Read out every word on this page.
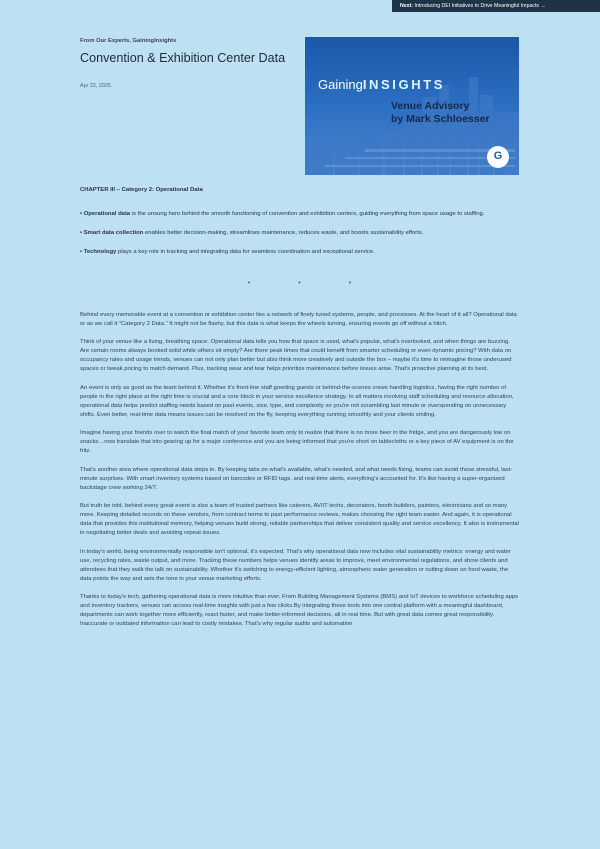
Next: Introducing DEI Initiatives to Drive Meaningful Impacts →
From Our Experts, GainingInsights
Convention & Exhibition Center Data
Apr 22, 2025	GainingINSIGHTS
Venue Advisory
by Mark Schloesser
G
CHAPTER III – Category 2: Operational Data

• Operational data is the unsung hero behind the smooth functioning of convention and exhibition centers, guiding everything from space usage to staffing.

• Smart data collection enables better decision-making, streamlines maintenance, reduces waste, and boosts sustainability efforts.

• Technology plays a key role in tracking and integrating data for seamless coordination and exceptional service.

• • •

Behind every memorable event at a convention or exhibition center lies a network of finely tuned systems, people, and processes. At the heart of it all? Operational data or as we call it "Category 2 Data." It might not be flashy, but this data is what keeps the wheels turning, ensuring events go off without a hitch.

Think of your venue like a living, breathing space. Operational data tells you how that space is used, what's popular, what's overlooked, and when things are buzzing. Are certain rooms always booked solid while others sit empty? Are there peak times that could benefit from smarter scheduling or even dynamic pricing? With data on occupancy rates and usage trends, venues can not only plan better but also think more creatively and outside the box – maybe it's time to reimagine those underused spaces or tweak pricing to match demand. Plus, tracking wear and tear helps prioritize maintenance before issues arise. That's proactive planning at its best.

An event is only as good as the team behind it. Whether it's front-line staff greeting guests or behind-the-scenes crews handling logistics, having the right number of people in the right place at the right time is crucial and a core block in your service excellence strategy. In all matters involving staff scheduling and resource allocation, operational data helps predict staffing needs based on past events, size, type, and complexity so you're not scrambling last minute or overspending on unnecessary shifts. Even better, real-time data means issues can be resolved on the fly, keeping everything running smoothly and your clients smiling.

Imagine having your friends over to watch the final match of your favorite team only to realize that there is no more beer in the fridge, and you are dangerously low on snacks…now translate that into gearing up for a major conference and you are being informed that you're short on tablecloths or a key piece of AV equipment is on the fritz.

That's another area where operational data steps in. By keeping tabs on what's available, what's needed, and what needs fixing, teams can avoid those stressful, last-minute surprises. With smart inventory systems based on barcodes or RFID tags, and real-time alerts, everything's accounted for. It's like having a super-organized backstage crew working 24/7.

But truth be told, behind every great event is also a team of trusted partners like caterers, AV/IT techs, decorators, booth builders, painters, electricians and so many more. Keeping detailed records on these vendors, from contract terms to past performance reviews, makes choosing the right team easier. And again, it is operational data that provides this institutional memory, helping venues build strong, reliable partnerships that deliver consistent quality and service excellency. It also is instrumental in negotiating better deals and avoiding repeat issues.

In today's world, being environmentally responsible isn't optional, it's expected. That's why operational data now includes vital sustainability metrics: energy and water use, recycling rates, waste output, and more. Tracking these numbers helps venues identify areas to improve, meet environmental regulations, and show clients and attendees that they walk the talk on sustainability. Whether it's switching to energy-efficient lighting, atmospheric water generation or cutting down on food waste, the data points the way and sets the tone in your venue marketing efforts.

Thanks to today's tech, gathering operational data is more intuitive than ever. From Building Management Systems (BMS) and IoT devices to workforce scheduling apps and inventory trackers, venues can access real-time insights with just a few clicks.By integrating these tools into one central platform with a meaningful dashboard, departments can work together more efficiently, react faster, and make better-informed decisions, all in real time. But with great data comes great responsibility. Inaccurate or outdated information can lead to costly mistakes. That's why regular audits and automation
